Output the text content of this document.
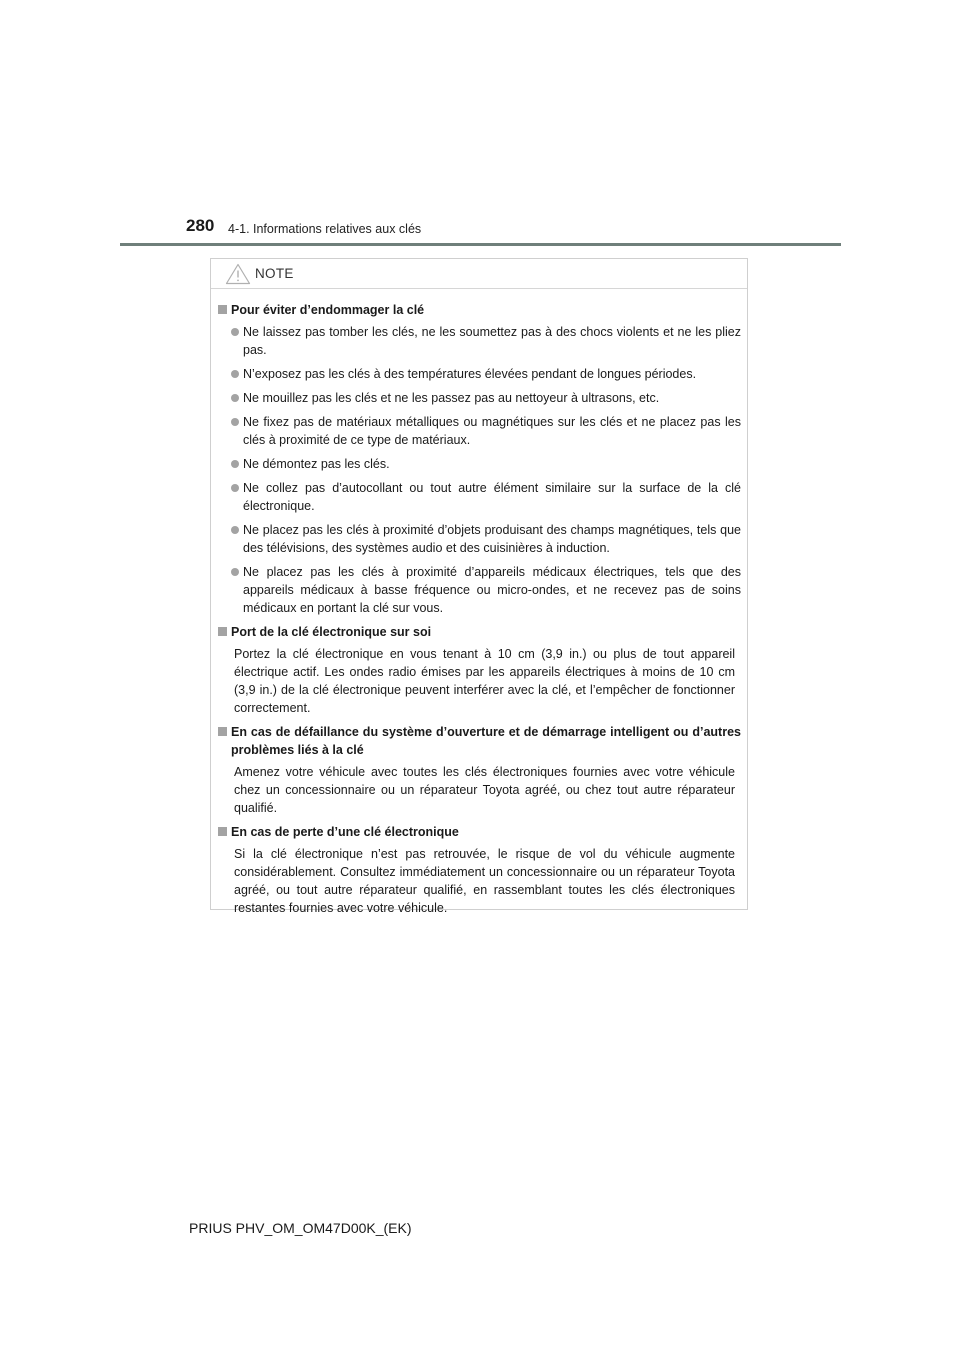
280 4-1. Informations relatives aux clés
NOTE
Pour éviter d’endommager la clé
Ne laissez pas tomber les clés, ne les soumettez pas à des chocs violents et ne les pliez pas.
N’exposez pas les clés à des températures élevées pendant de longues périodes.
Ne mouillez pas les clés et ne les passez pas au nettoyeur à ultrasons, etc.
Ne fixez pas de matériaux métalliques ou magnétiques sur les clés et ne placez pas les clés à proximité de ce type de matériaux.
Ne démontez pas les clés.
Ne collez pas d’autocollant ou tout autre élément similaire sur la surface de la clé électronique.
Ne placez pas les clés à proximité d’objets produisant des champs magnétiques, tels que des télévisions, des systèmes audio et des cuisinières à induction.
Ne placez pas les clés à proximité d’appareils médicaux électriques, tels que des appareils médicaux à basse fréquence ou micro-ondes, et ne recevez pas de soins médicaux en portant la clé sur vous.
Port de la clé électronique sur soi
Portez la clé électronique en vous tenant à 10 cm (3,9 in.) ou plus de tout appareil électrique actif. Les ondes radio émises par les appareils électriques à moins de 10 cm (3,9 in.) de la clé électronique peuvent interférer avec la clé, et l’empêcher de fonctionner correctement.
En cas de défaillance du système d’ouverture et de démarrage intelligent ou d’autres problèmes liés à la clé
Amenez votre véhicule avec toutes les clés électroniques fournies avec votre véhicule chez un concessionnaire ou un réparateur Toyota agréé, ou chez tout autre réparateur qualifié.
En cas de perte d’une clé électronique
Si la clé électronique n’est pas retrouvée, le risque de vol du véhicule augmente considérablement. Consultez immédiatement un concessionnaire ou un réparateur Toyota agréé, ou tout autre réparateur qualifié, en rassemblant toutes les clés électroniques restantes fournies avec votre véhicule.
PRIUS PHV_OM_OM47D00K_(EK)
